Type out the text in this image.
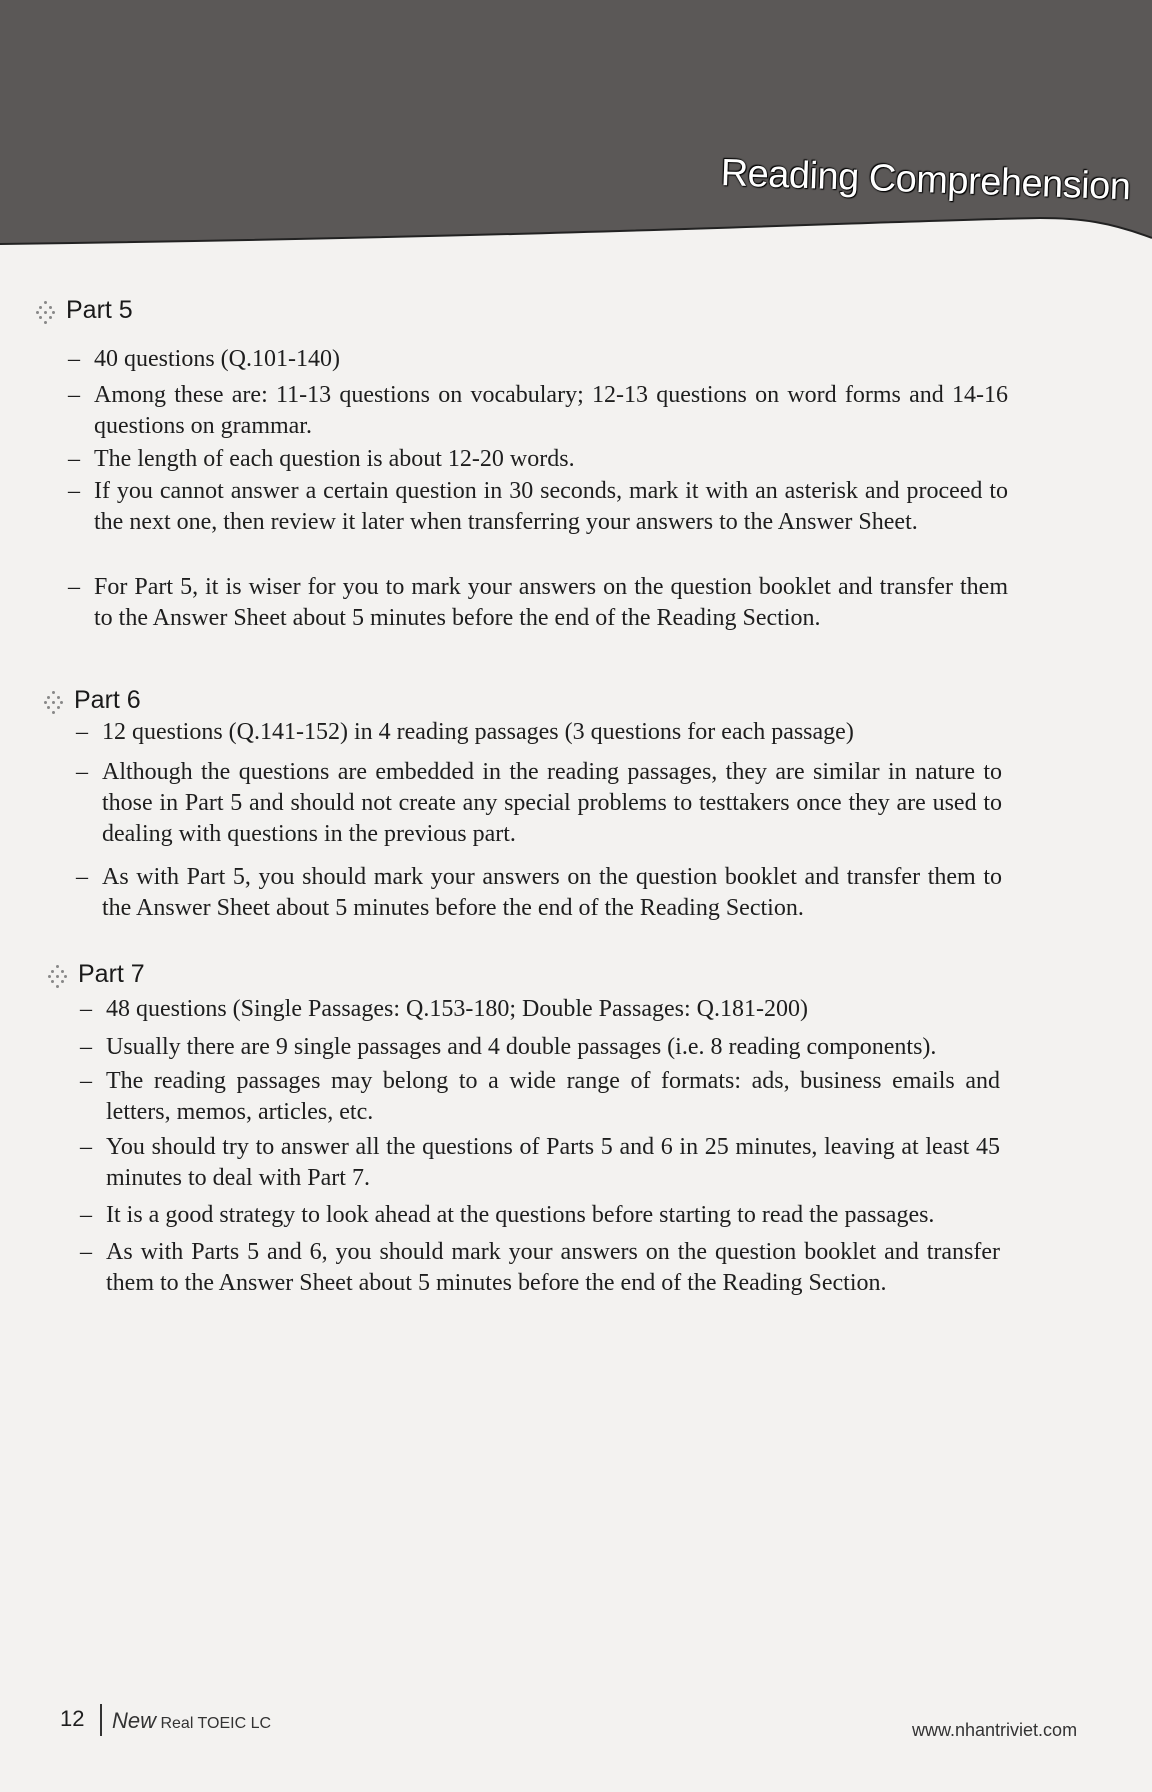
Reading Comprehension
Part 5
– 40 questions (Q.101-140)
– Among these are: 11-13 questions on vocabulary; 12-13 questions on word forms and 14-16 questions on grammar.
– The length of each question is about 12-20 words.
– If you cannot answer a certain question in 30 seconds, mark it with an asterisk and proceed to the next one, then review it later when transferring your answers to the Answer Sheet.
– For Part 5, it is wiser for you to mark your answers on the question booklet and transfer them to the Answer Sheet about 5 minutes before the end of the Reading Section.
Part 6
– 12 questions (Q.141-152) in 4 reading passages (3 questions for each passage)
– Although the questions are embedded in the reading passages, they are similar in nature to those in Part 5 and should not create any special problems to testtakers once they are used to dealing with questions in the previous part.
– As with Part 5, you should mark your answers on the question booklet and transfer them to the Answer Sheet about 5 minutes before the end of the Reading Section.
Part 7
– 48 questions (Single Passages: Q.153-180; Double Passages: Q.181-200)
– Usually there are 9 single passages and 4 double passages (i.e. 8 reading components).
– The reading passages may belong to a wide range of formats: ads, business emails and letters, memos, articles, etc.
– You should try to answer all the questions of Parts 5 and 6 in 25 minutes, leaving at least 45 minutes to deal with Part 7.
– It is a good strategy to look ahead at the questions before starting to read the passages.
– As with Parts 5 and 6, you should mark your answers on the question booklet and transfer them to the Answer Sheet about 5 minutes before the end of the Reading Section.
12 New Real TOEIC LC	www.nhantriviet.com
